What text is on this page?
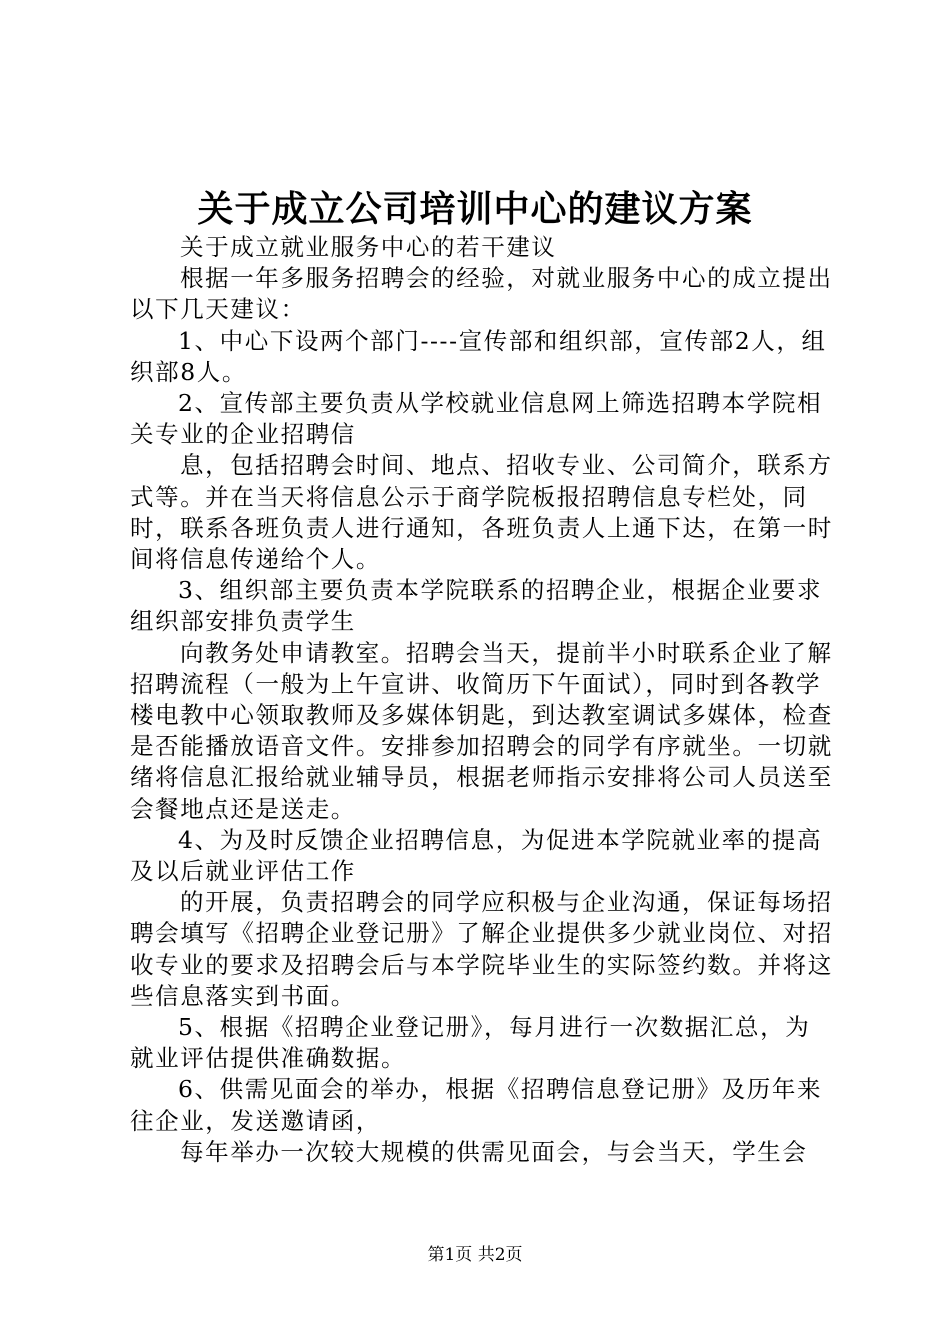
关于成立公司培训中心的建议方案

关于成立就业服务中心的若干建议

根据一年多服务招聘会的经验，对就业服务中心的成立提出以下几天建议：

1、中心下设两个部门----宣传部和组织部，宣传部2人，组织部8人。

2、宣传部主要负责从学校就业信息网上筛选招聘本学院相关专业的企业招聘信

息，包括招聘会时间、地点、招收专业、公司简介，联系方式等。并在当天将信息公示于商学院板报招聘信息专栏处，同时，联系各班负责人进行通知，各班负责人上通下达，在第一时间将信息传递给个人。

3、组织部主要负责本学院联系的招聘企业，根据企业要求组织部安排负责学生

向教务处申请教室。招聘会当天，提前半小时联系企业了解招聘流程（一般为上午宣讲、收简历下午面试），同时到各教学楼电教中心领取教师及多媒体钥匙，到达教室调试多媒体，检查是否能播放语音文件。安排参加招聘会的同学有序就坐。一切就绪将信息汇报给就业辅导员，根据老师指示安排将公司人员送至会餐地点还是送走。

4、为及时反馈企业招聘信息，为促进本学院就业率的提高及以后就业评估工作

的开展，负责招聘会的同学应积极与企业沟通，保证每场招聘会填写《招聘企业登记册》了解企业提供多少就业岗位、对招收专业的要求及招聘会后与本学院毕业生的实际签约数。并将这些信息落实到书面。

5、根据《招聘企业登记册》，每月进行一次数据汇总，为就业评估提供准确数据。

6、供需见面会的举办，根据《招聘信息登记册》及历年来往企业，发送邀请函，

每年举办一次较大规模的供需见面会，与会当天，学生会

第1页 共2页
